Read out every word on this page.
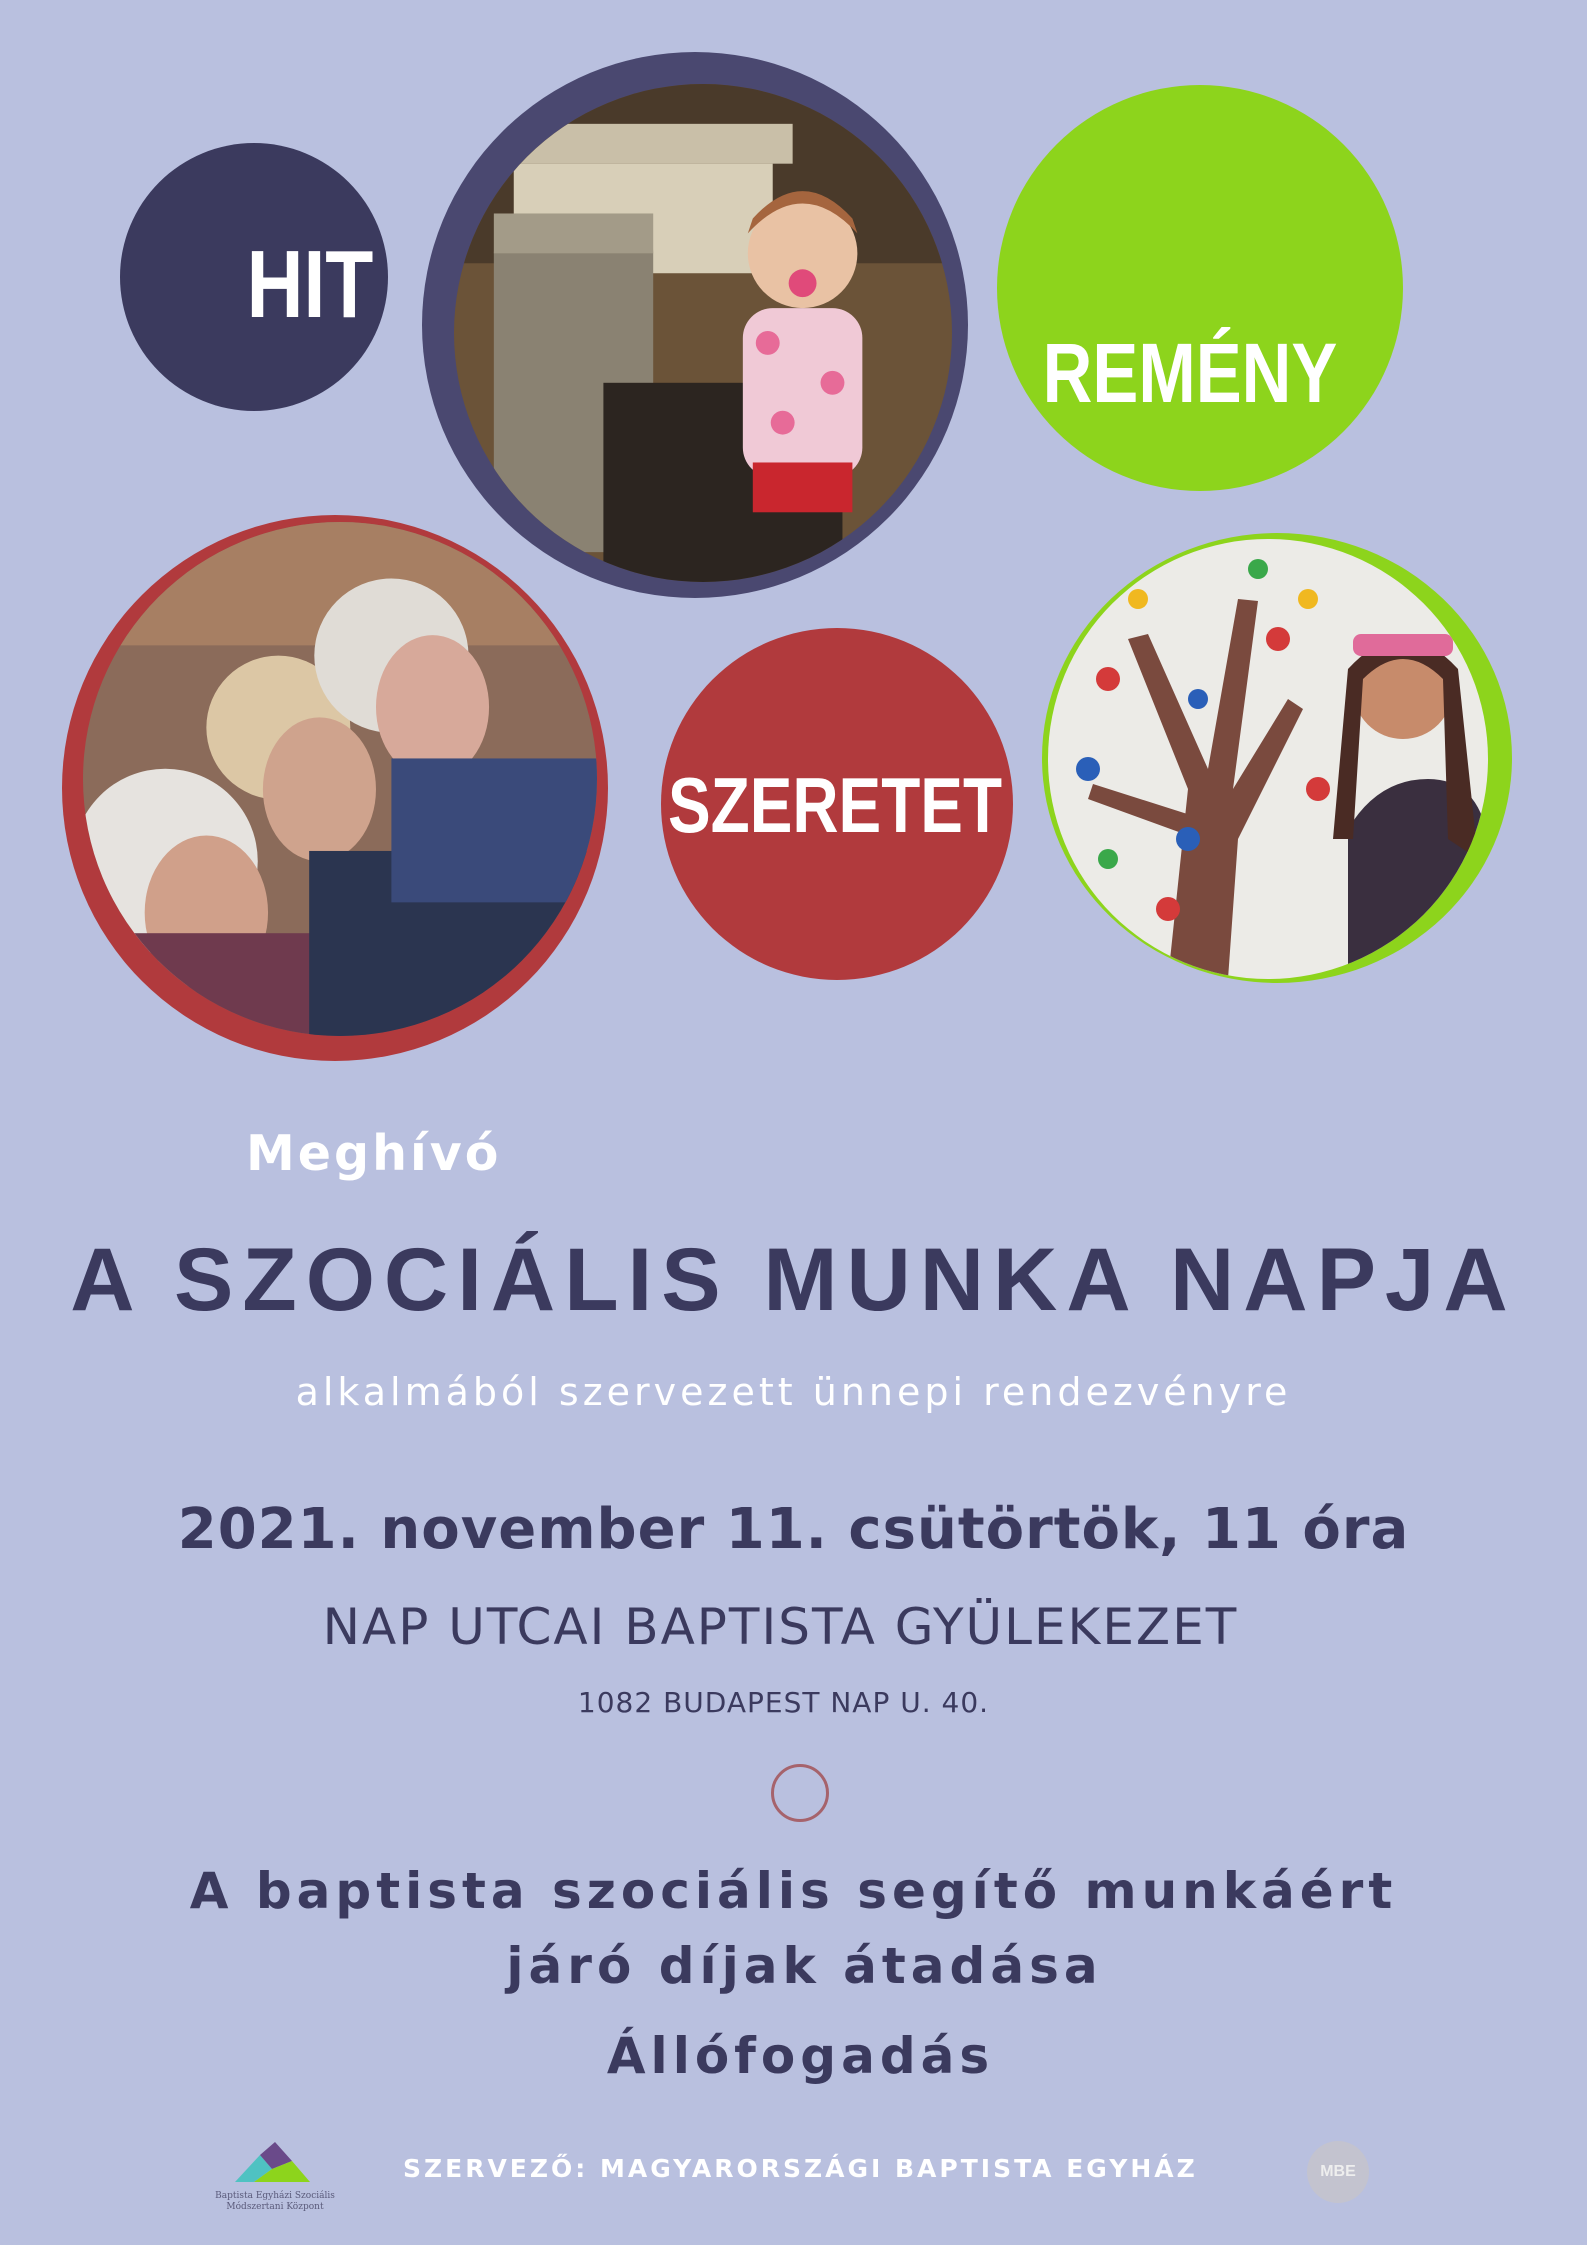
HIT
REMÉNY
SZERETET
Meghívó
A SZOCIÁLIS MUNKA NAPJA
alkalmából szervezett ünnepi rendezvényre
2021. november 11. csütörtök, 11 óra
NAP UTCAI BAPTISTA GYÜLEKEZET
1082 BUDAPEST NAP U. 40.
A baptista szociális segítő munkáért
járó díjak átadása
Állófogadás
Baptista Egyházi Szociális Módszertani Központ
SZERVEZŐ: MAGYARORSZÁGI BAPTISTA EGYHÁZ	MBE
